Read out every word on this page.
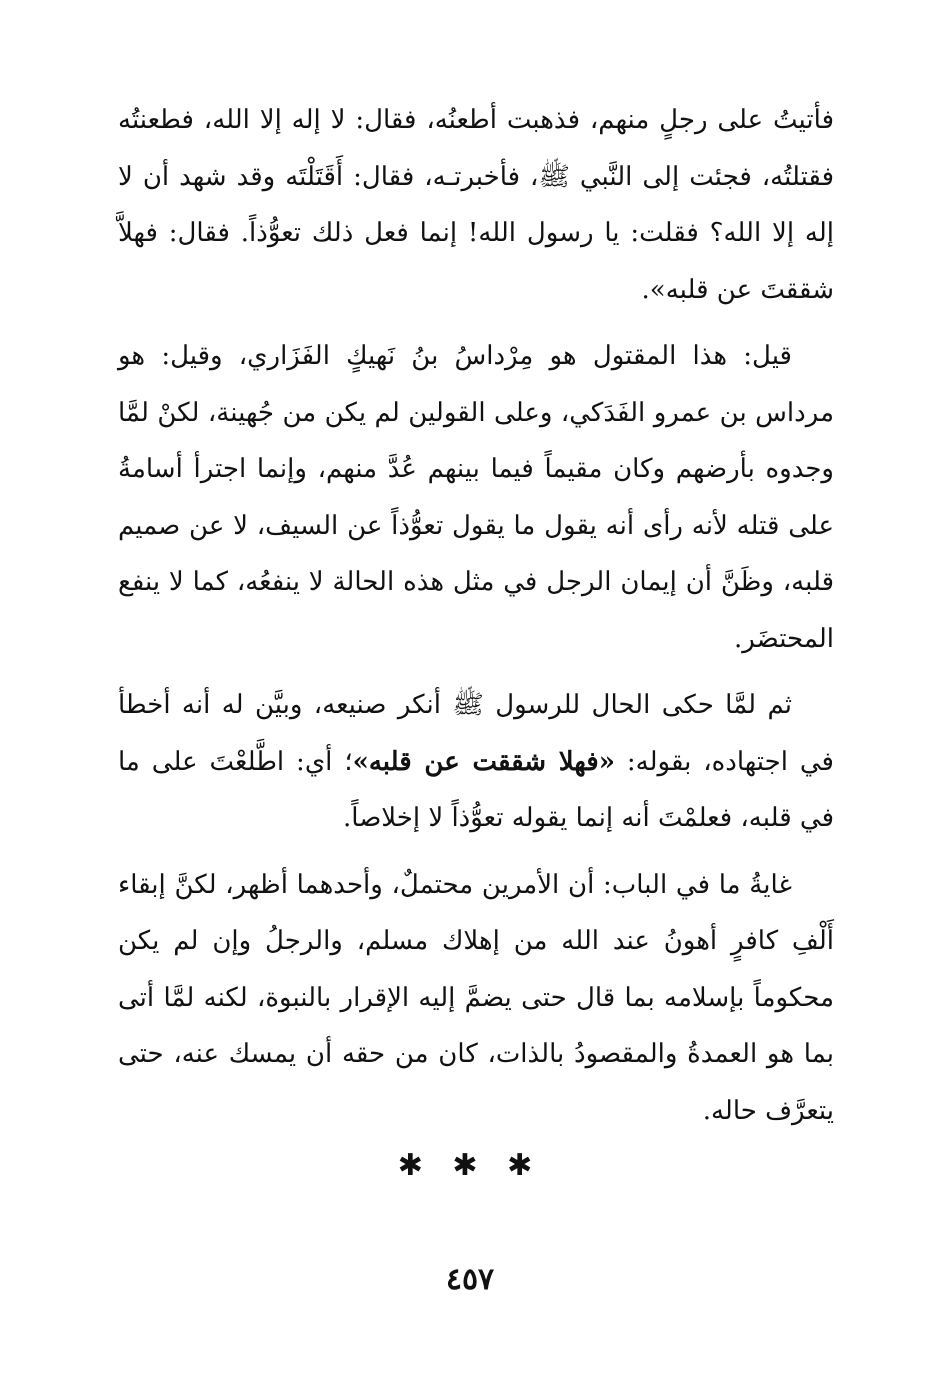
فأتيتُ على رجلٍ منهم، فذهبت أطعنُه، فقال: لا إله إلا الله، فطعنتُه فقتلتُه، فجئت إلى النَّبي ﷺ، فأخبرتـه، فقال: أَقَتَلْتَه وقد شهد أن لا إله إلا الله؟ فقلت: يا رسول الله! إنما فعل ذلك تعوُّذاً. فقال: فهلاَّ شققتَ عن قلبه».

قيل: هذا المقتول هو مِرْداسُ بنُ نَهيكٍ الفَزَاري، وقيل: هو مرداس بن عمرو الفَدَكي، وعلى القولين لم يكن من جُهينة، لكنْ لمَّا وجدوه بأرضهم وكان مقيماً فيما بينهم عُدَّ منهم، وإنما اجترأ أسامةُ على قتله لأنه رأى أنه يقول ما يقول تعوُّذاً عن السيف، لا عن صميم قلبه، وظَنَّ أن إيمان الرجل في مثل هذه الحالة لا ينفعُه، كما لا ينفع المحتضَر.

ثم لمَّا حكى الحال للرسول ﷺ أنكر صنيعه، وبيَّن له أنه أخطأ في اجتهاده، بقوله: «فهلا شققت عن قلبه»؛ أي: اطَّلعْتَ على ما في قلبه، فعلمْتَ أنه إنما يقوله تعوُّذاً لا إخلاصاً.

غايةُ ما في الباب: أن الأمرين محتملٌ، وأحدهما أظهر، لكنَّ إبقاء أَلْفِ كافرٍ أهونُ عند الله من إهلاك مسلم، والرجلُ وإن لم يكن محكوماً بإسلامه بما قال حتى يضمَّ إليه الإقرار بالنبوة، لكنه لمَّا أتى بما هو العمدةُ والمقصودُ بالذات، كان من حقه أن يمسك عنه، حتى يتعرَّف حاله.

✱ ✱ ✱
٤٥٧
